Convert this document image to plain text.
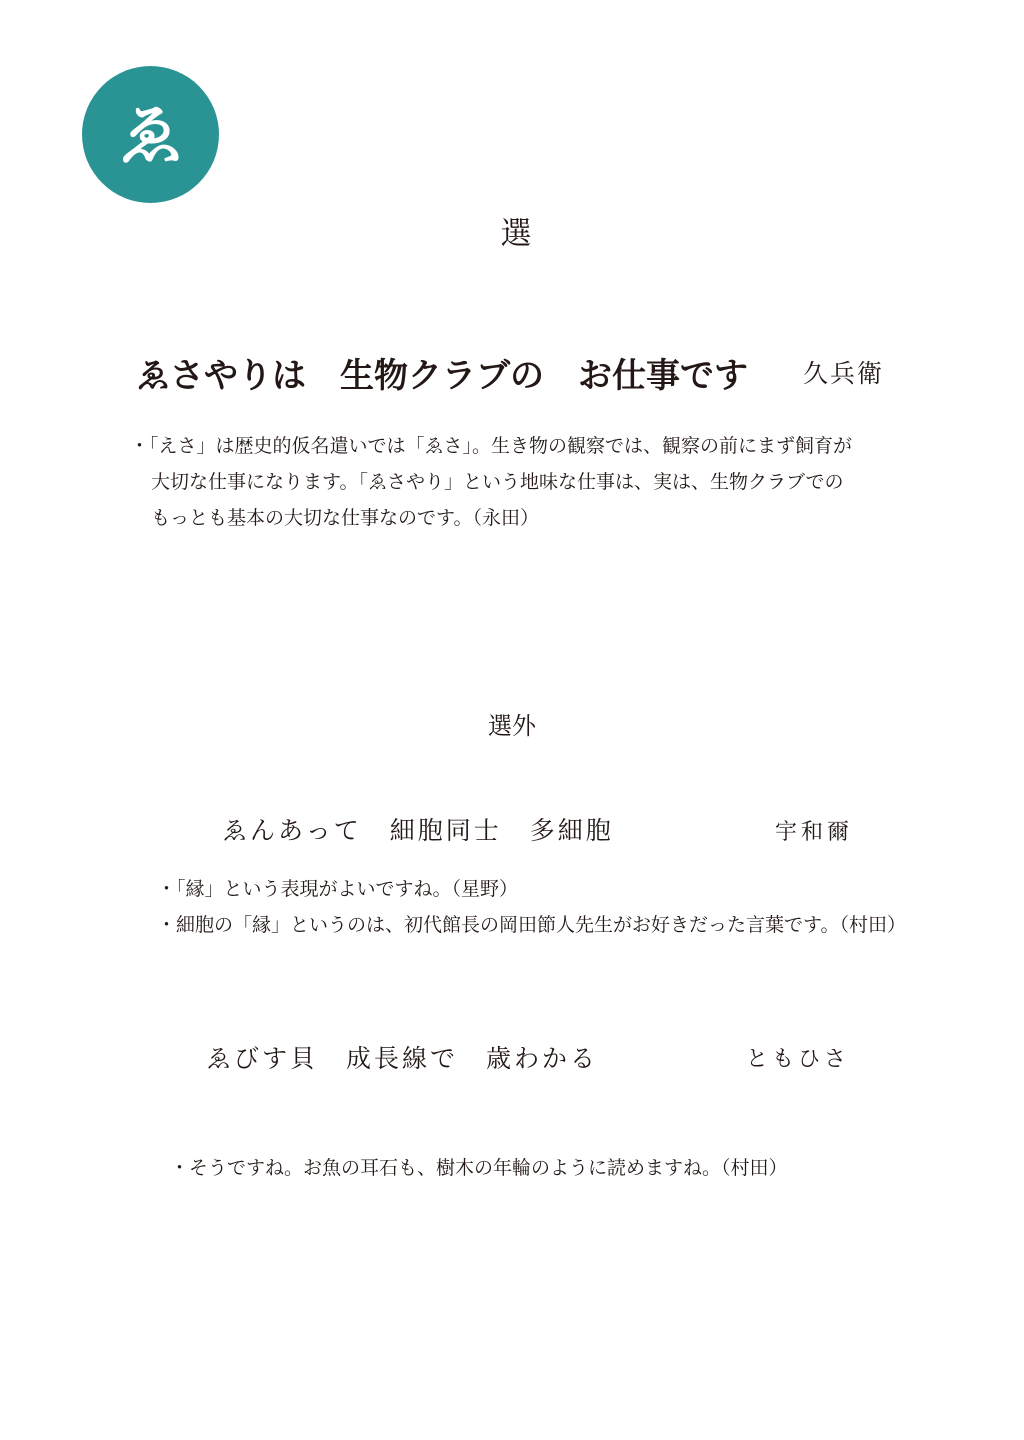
ゑ
選
ゑさやりは　生物クラブの　お仕事です 久兵衛

・「えさ」は歴史的仮名遣いでは「ゑさ」。生き物の観察では、観察の前にまず飼育が

大切な仕事になります。「ゑさやり」という地味な仕事は、実は、生物クラブでの

もっとも基本の大切な仕事なのです。（永田）

選外
ゑんあって　細胞同士　多細胞	宇和爾

・「縁」という表現がよいですね。（星野）

・細胞の「縁」というのは、初代館長の岡田節人先生がお好きだった言葉です。（村田）

ゑびす貝　成長線で　歳わかる	ともひさ

・そうですね。お魚の耳石も、樹木の年輪のように読めますね。（村田）
